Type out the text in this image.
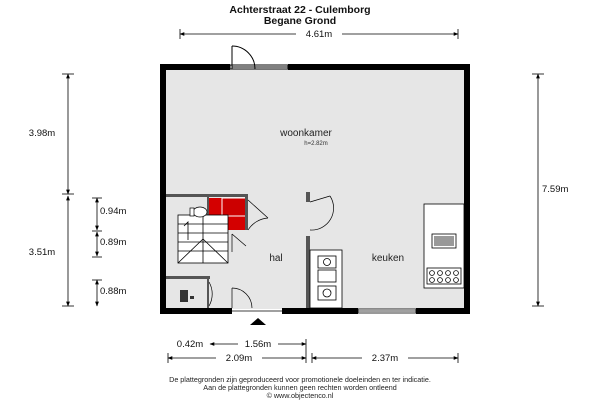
Achterstraat 22 - Culemborg
Begane Grond
4.61m
3.98m
3.51m
0.94m
0.89m
0.88m
7.59m
0.42m	1.56m
2.09m	2.37m
woonkamer
h=2.82m
hal	keuken
De plattegronden zijn geproduceerd voor promotionele doeleinden en ter indicatie.
Aan de plattegronden kunnen geen rechten worden ontleend
© www.objectenco.nl
